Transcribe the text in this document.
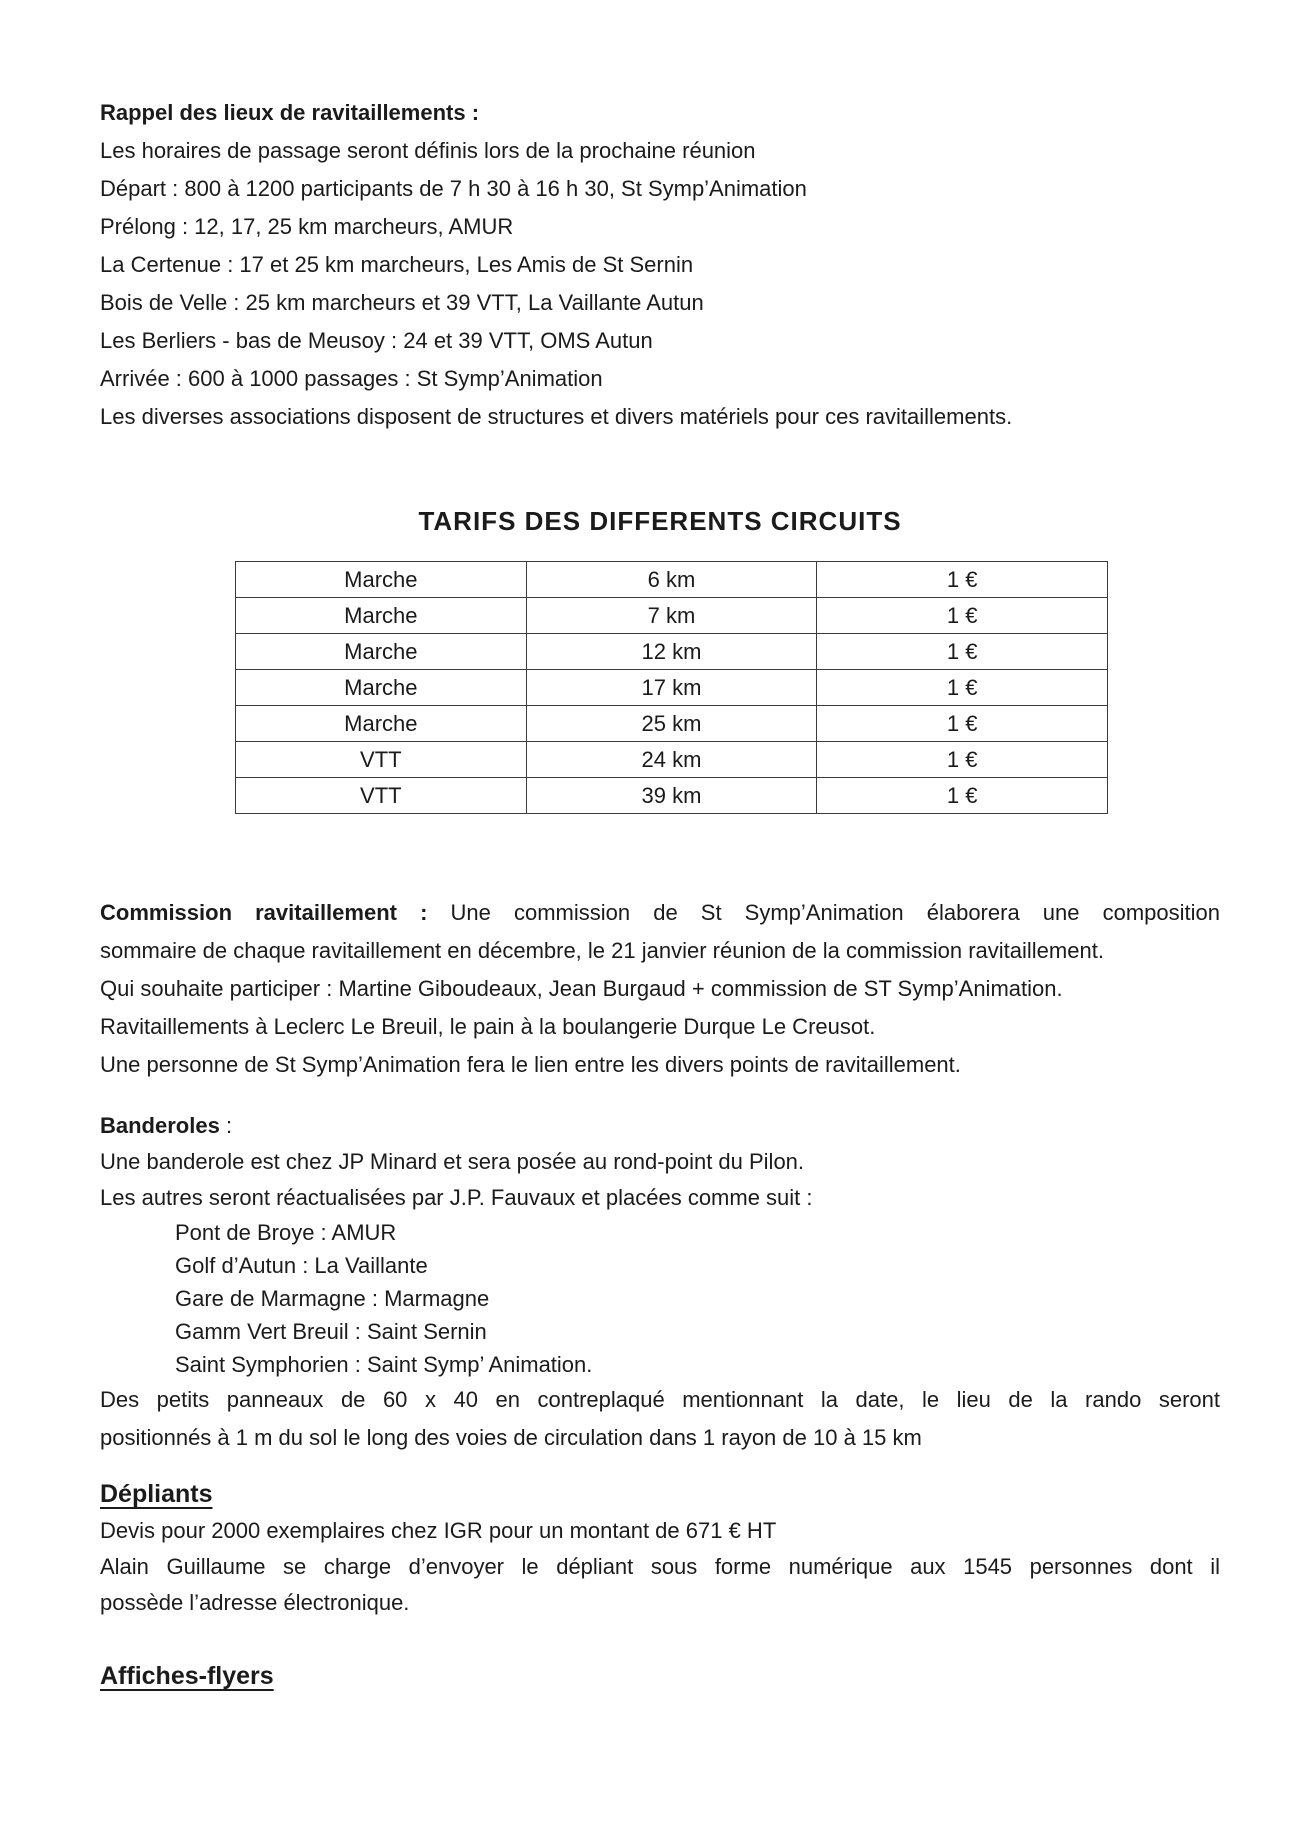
Rappel des lieux de ravitaillements :
Les horaires de passage seront définis lors de la prochaine réunion
Départ : 800 à 1200 participants de 7 h 30 à 16 h 30, St Symp’Animation
Prélong : 12, 17, 25 km marcheurs, AMUR
La Certenue : 17 et 25 km marcheurs, Les Amis de St Sernin
Bois de Velle : 25 km marcheurs et 39 VTT, La Vaillante Autun
Les Berliers - bas de Meusoy : 24 et 39 VTT, OMS Autun
Arrivée : 600 à 1000 passages : St Symp’Animation
Les diverses associations disposent de structures et divers matériels pour ces ravitaillements.
TARIFS DES DIFFERENTS CIRCUITS
Marche	6 km	1 €
Marche	7 km	1 €
Marche	12 km	1 €
Marche	17 km	1 €
Marche	25 km	1 €
VTT	24 km	1 €
VTT	39 km	1 €
Commission ravitaillement : Une commission de St Symp’Animation élaborera une composition
sommaire de chaque ravitaillement en décembre, le 21 janvier réunion de la commission ravitaillement.
Qui souhaite participer : Martine Giboudeaux, Jean Burgaud + commission de ST Symp’Animation.
Ravitaillements à Leclerc Le Breuil, le pain à la boulangerie Durque Le Creusot.
Une personne de St Symp’Animation fera le lien entre les divers points de ravitaillement.
Banderoles :
Une banderole est chez JP Minard et sera posée au rond-point du Pilon.
Les autres seront réactualisées par J.P. Fauvaux et placées comme suit :
Pont de Broye : AMUR
Golf d’Autun : La Vaillante
Gare de Marmagne : Marmagne
Gamm Vert Breuil : Saint Sernin
Saint Symphorien : Saint Symp’ Animation.
Des petits panneaux de 60 x 40 en contreplaqué mentionnant la date, le lieu de la rando seront
positionnés à 1 m du sol le long des voies de circulation dans 1 rayon de 10 à 15 km
Dépliants
Devis pour 2000 exemplaires chez IGR pour un montant de 671 € HT
Alain Guillaume se charge d’envoyer le dépliant sous forme numérique aux 1545 personnes dont il
possède l’adresse électronique.
Affiches-flyers
